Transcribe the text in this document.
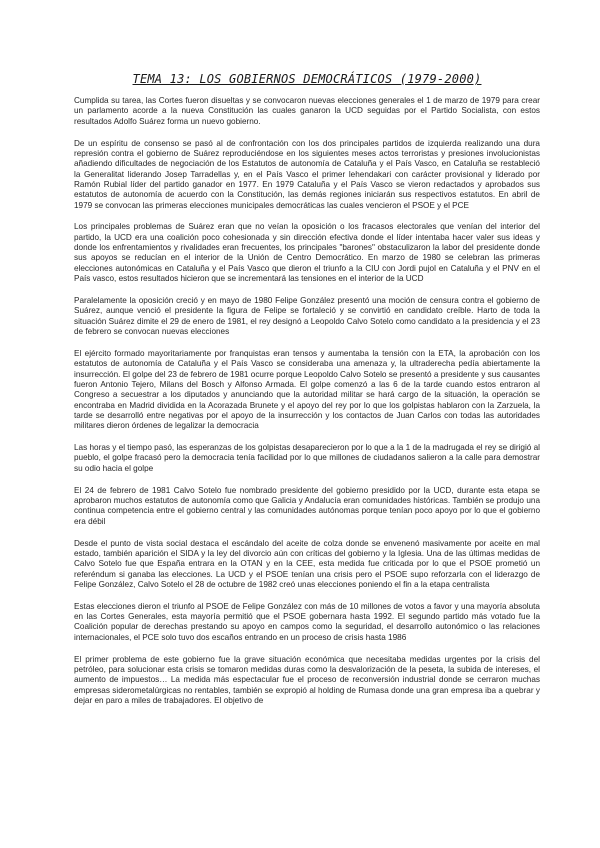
TEMA 13: LOS GOBIERNOS DEMOCRÁTICOS (1979-2000)

Cumplida su tarea, las Cortes fueron disueltas y se convocaron nuevas elecciones generales el 1 de marzo de 1979 para crear un parlamento acorde a la nueva Constitución las cuales ganaron la UCD seguidas por el Partido Socialista, con estos resultados Adolfo Suárez forma un nuevo gobierno.

De un espíritu de consenso se pasó al de confrontación con los dos principales partidos de izquierda realizando una dura represión contra el gobierno de Suárez reproduciéndose en los siguientes meses actos terroristas y presiones involucionistas añadiendo dificultades de negociación de los Estatutos de autonomía de Cataluña y el País Vasco, en Cataluña se restableció la Generalitat liderando Josep Tarradellas y, en el País Vasco el primer lehendakari con carácter provisional y liderado por Ramón Rubial líder del partido ganador en 1977. En 1979 Cataluña y el País Vasco se vieron redactados y aprobados sus estatutos de autonomía de acuerdo con la Constitución, las demás regiones iniciarán sus respectivos estatutos. En abril de 1979 se convocan las primeras elecciones municipales democráticas las cuales vencieron el PSOE y el PCE

Los principales problemas de Suárez eran que no veían la oposición o los fracasos electorales que venían del interior del partido, la UCD era una coalición poco cohesionada y sin dirección efectiva donde el líder intentaba hacer valer sus ideas y donde los enfrentamientos y rivalidades eran frecuentes, los principales "barones" obstaculizaron la labor del presidente donde sus apoyos se reducían en el interior de la Unión de Centro Democrático. En marzo de 1980 se celebran las primeras elecciones autonómicas en Cataluña y el País Vasco que dieron el triunfo a la CIU con Jordi pujol en Cataluña y el PNV en el País vasco, estos resultados hicieron que se incrementará las tensiones en el interior de la UCD

Paralelamente la oposición creció y en mayo de 1980 Felipe González presentó una moción de censura contra el gobierno de Suárez, aunque venció el presidente la figura de Felipe se fortaleció y se convirtió en candidato creíble. Harto de toda la situación Suárez dimite el 29 de enero de 1981, el rey designó a Leopoldo Calvo Sotelo como candidato a la presidencia y el 23 de febrero se convocan nuevas elecciones

El ejército formado mayoritariamente por franquistas eran tensos y aumentaba la tensión con la ETA, la aprobación con los estatutos de autonomía de Cataluña y el País Vasco se consideraba una amenaza y, la ultraderecha pedía abiertamente la insurrección. El golpe del 23 de febrero de 1981 ocurre porque Leopoldo Calvo Sotelo se presentó a presidente y sus causantes fueron Antonio Tejero, Milans del Bosch y Alfonso Armada. El golpe comenzó a las 6 de la tarde cuando estos entraron al Congreso a secuestrar a los diputados y anunciando que la autoridad militar se hará cargo de la situación, la operación se encontraba en Madrid dividida en la Acorazada Brunete y el apoyo del rey por lo que los golpistas hablaron con la Zarzuela, la tarde se desarrolló entre negativas por el apoyo de la insurrección y los contactos de Juan Carlos con todas las autoridades militares dieron órdenes de legalizar la democracia

Las horas y el tiempo pasó, las esperanzas de los golpistas desaparecieron por lo que a la 1 de la madrugada el rey se dirigió al pueblo, el golpe fracasó pero la democracia tenía facilidad por lo que millones de ciudadanos salieron a la calle para demostrar su odio hacia el golpe

El 24 de febrero de 1981 Calvo Sotelo fue nombrado presidente del gobierno presidido por la UCD, durante esta etapa se aprobaron muchos estatutos de autonomía como que Galicia y Andalucía eran comunidades históricas. También se produjo una continua competencia entre el gobierno central y las comunidades autónomas porque tenían poco apoyo por lo que el gobierno era débil

Desde el punto de vista social destaca el escándalo del aceite de colza donde se envenenó masivamente por aceite en mal estado, también aparición el SIDA y la ley del divorcio aún con críticas del gobierno y la Iglesia. Una de las últimas medidas de Calvo Sotelo fue que España entrara en la OTAN y en la CEE, esta medida fue criticada por lo que el PSOE prometió un referéndum si ganaba las elecciones. La UCD y el PSOE tenían una crisis pero el PSOE supo reforzarla con el liderazgo de Felipe González, Calvo Sotelo el 28 de octubre de 1982 creó unas elecciones poniendo el fin a la etapa centralista

Estas elecciones dieron el triunfo al PSOE de Felipe González con más de 10 millones de votos a favor y una mayoría absoluta en las Cortes Generales, esta mayoría permitió que el PSOE gobernara hasta 1992. El segundo partido más votado fue la Coalición popular de derechas prestando su apoyo en campos como la seguridad, el desarrollo autonómico o las relaciones internacionales, el PCE solo tuvo dos escaños entrando en un proceso de crisis hasta 1986

El primer problema de este gobierno fue la grave situación económica que necesitaba medidas urgentes por la crisis del petróleo, para solucionar esta crisis se tomaron medidas duras como la desvalorización de la peseta, la subida de intereses, el aumento de impuestos… La medida más espectacular fue el proceso de reconversión industrial donde se cerraron muchas empresas siderometalúrgicas no rentables, también se expropió al holding de Rumasa donde una gran empresa iba a quebrar y dejar en paro a miles de trabajadores. El objetivo de
